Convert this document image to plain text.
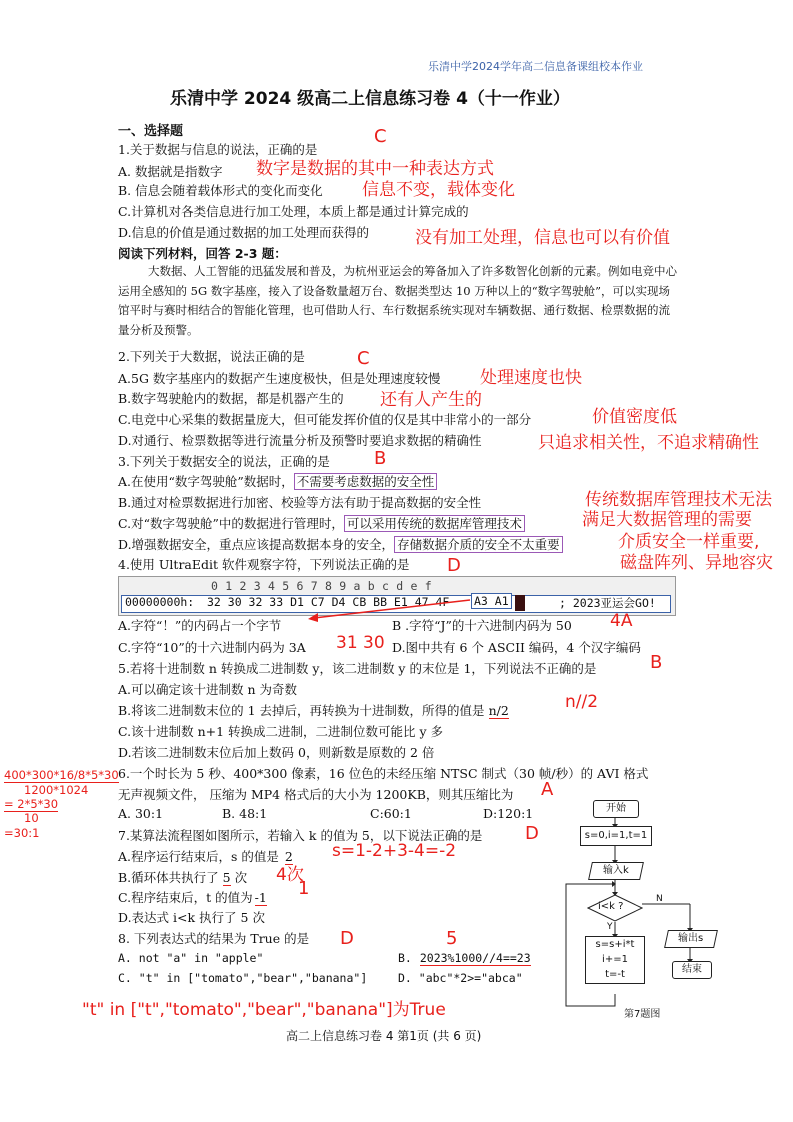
乐清中学2024学年高二信息备课组校本作业
乐清中学 2024 级高二上信息练习卷 4（十一作业）
一、选择题
1.关于数据与信息的说法，正确的是
C
A. 数据就是指数字 数字是数据的其中一种表达方式
B. 信息会随着载体形式的变化而变化 信息不变，载体变化
C.计算机对各类信息进行加工处理，本质上都是通过计算完成的
D.信息的价值是通过数据的加工处理而获得的	没有加工处理，信息也可以有价值
阅读下列材料，回答 2-3 题：
大数据、人工智能的迅猛发展和普及，为杭州亚运会的筹备加入了许多数智化创新的元素。例如电竞中心运用全感知的 5G 数字基座，接入了设备数量超万台、数据类型达 10 万种以上的“数字驾驶舱”，可以实现场馆平时与赛时相结合的智能化管理，也可借助人行、车行数据系统实现对车辆数据、通行数据、检票数据的流量分析及预警。
2.下列关于大数据，说法正确的是	C
A.5G 数字基座内的数据产生速度极快，但是处理速度较慢 处理速度也快
B.数字驾驶舱内的数据，都是机器产生的 还有人产生的
C.电竞中心采集的数据量庞大，但可能发挥价值的仅是其中非常小的一部分	价值密度低
D.对通行、检票数据等进行流量分析及预警时要追求数据的精确性	只追求相关性，不追求精确性
3.下列关于数据安全的说法，正确的是 B
A.在使用“数字驾驶舱”数据时， 不需要考虑数据的安全性
B.通过对检票数据进行加密、校验等方法有助于提高数据的安全性	传统数据库管理技术无法
C.对“数字驾驶舱”中的数据进行管理时， 可以采用传统的数据库管理技术	满足大数据管理的需要
D.增强数据安全，重点应该提高数据本身的安全， 存储数据介质的安全不太重要	介质安全一样重要,
磁盘阵列、异地容灾
4.使用 UltraEdit 软件观察字符，下列说法正确的是 D
0 1 2 3 4 5 6 7 8 9 a b c d e f
00000000h: 32 30 32 33 D1 C7 D4 CB BB E1 47 4F A3 A1	; 2023亚运会GO!
A.字符“！”的内码占一个字节	B .字符“J”的十六进制内码为 50 4A
C.字符“10”的十六进制内码为 3A 31 30 D.图中共有 6 个 ASCII 编码，4 个汉字编码
5.若将十进制数 n 转换成二进制数 y，该二进制数 y 的末位是 1，下列说法不正确的是	B
A.可以确定该十进制数 n 为奇数
B.将该二进制数末位的 1 去掉后，再转换为十进制数，所得的值是 n/2	n//2
C.该十进制数 n+1 转换成二进制，二进制位数可能比 y 多
D.若该二进制数末位后加上数码 0，则新数是原数的 2 倍
6.一个时长为 5 秒、400*300 像素，16 位色的未经压缩 NTSC 制式（30 帧/秒）的 AVI 格式
无声视频文件， 压缩为 MP4 格式后的大小为 1200KB，则其压缩比为 A
A. 30:1	B. 48:1	C:60:1	D:120:1
400*300*16/8*5*30
1200*1024
= 2*5*30
10
=30:1	7.某算法流程图如图所示，若输入 k 的值为 5，以下说法正确的是 D
A.程序运行结束后，s 的值是 2 s=1-2+3-4=-2
B.循环体共执行了 5 次 4次
C.程序结束后，t 的值为 -1 1
D.表达式 i<k 执行了 5 次
8. 下列表达式的结果为 True 的是 D
A. not "a" in "apple"	B. 2023%1000//4==23
5
C. "t" in ["tomato","bear","banana"]	D. "abc"*2>="abca"
"t" in ["t","tomato","bear","banana"]为True
开始
s=0,i=1,t=1
输入k
i<k ?
N
Y
s=s+i*t
i+=1
t=-t
输出s
结束
第7题图
高二上信息练习卷 4 第1页 (共 6 页)
